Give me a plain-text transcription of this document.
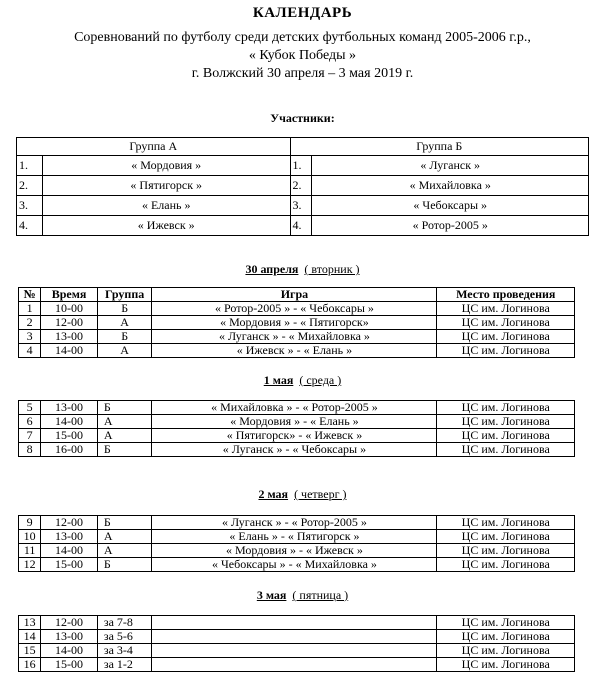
КАЛЕНДАРЬ
Соревнований по футболу среди детских футбольных команд 2005-2006 г.р.,
« Кубок Победы »
г. Волжский 30 апреля – 3 мая 2019 г.
Участники:
Группа А		Группа Б	
1.	« Мордовия »	1.	« Луганск »
2.	« Пятигорск »	2.	« Михайловка »
3.	« Елань »	3.	« Чебоксары »
4.	« Ижевск »	4.	« Ротор-2005 »
30 апреля ( вторник )
№	Время	Группа	Игра	Место проведения
1	10-00	Б	« Ротор-2005 » - « Чебоксары »	ЦС им. Логинова
2	12-00	А	« Мордовия » - « Пятигорск»	ЦС им. Логинова
3	13-00	Б	« Луганск » - « Михайловка »	ЦС им. Логинова
4	14-00	А	« Ижевск » - « Елань »	ЦС им. Логинова
1 мая ( среда )
5	13-00	Б	« Михайловка » - « Ротор-2005 »	ЦС им. Логинова
6	14-00	А	« Мордовия » - « Елань »	ЦС им. Логинова
7	15-00	А	« Пятигорск» - « Ижевск »	ЦС им. Логинова
8	16-00	Б	« Луганск » - « Чебоксары »	ЦС им. Логинова
2 мая ( четверг )
9	12-00	Б	« Луганск » - « Ротор-2005 »	ЦС им. Логинова
10	13-00	А	« Елань » - « Пятигорск »	ЦС им. Логинова
11	14-00	А	« Мордовия » - « Ижевск »	ЦС им. Логинова
12	15-00	Б	« Чебоксары » - « Михайловка »	ЦС им. Логинова
3 мая ( пятница )
13	12-00	за 7-8		ЦС им. Логинова
14	13-00	за 5-6		ЦС им. Логинова
15	14-00	за 3-4		ЦС им. Логинова
16	15-00	за 1-2		ЦС им. Логинова
